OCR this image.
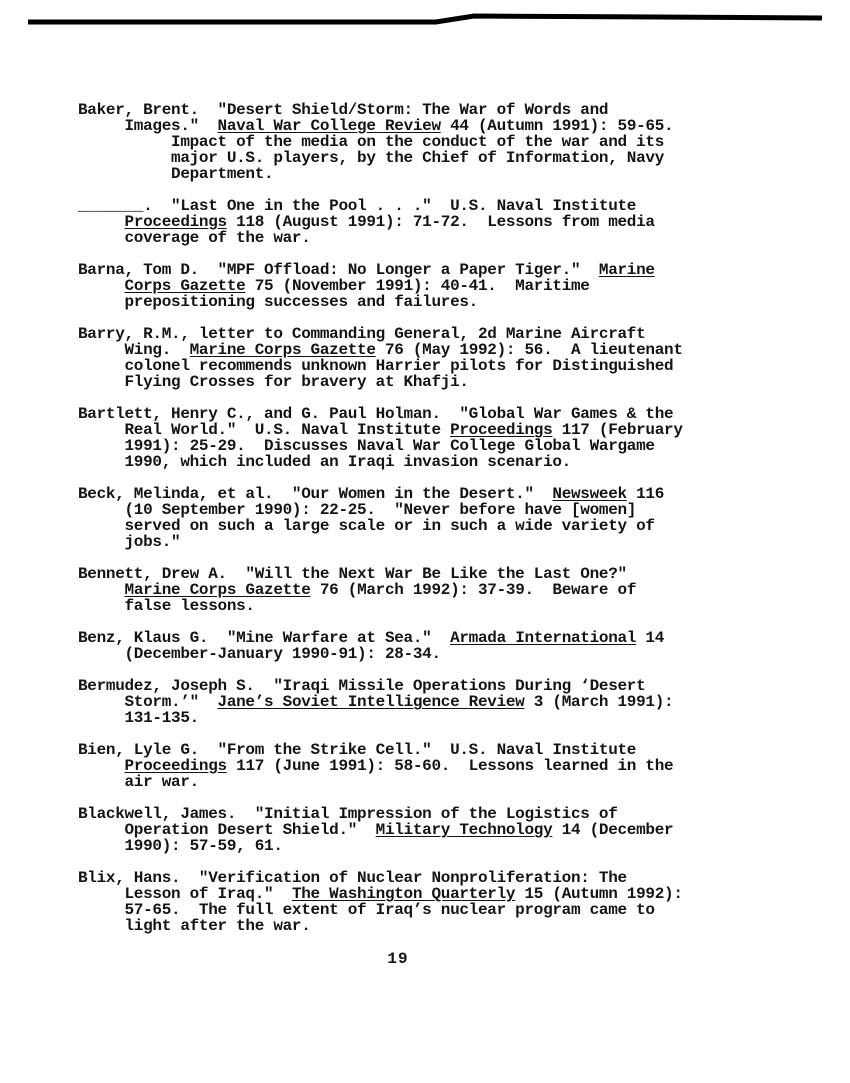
Baker, Brent.  "Desert Shield/Storm: The War of Words and
Images."  Naval War College Review 44 (Autumn 1991): 59-65.
Impact of the media on the conduct of the war and its
major U.S. players, by the Chief of Information, Navy
Department.
_______.  "Last One in the Pool . . ."  U.S. Naval Institute
Proceedings 118 (August 1991): 71-72.  Lessons from media
coverage of the war.
Barna, Tom D.  "MPF Offload: No Longer a Paper Tiger."  Marine
Corps Gazette 75 (November 1991): 40-41.  Maritime
prepositioning successes and failures.
Barry, R.M., letter to Commanding General, 2d Marine Aircraft
Wing.  Marine Corps Gazette 76 (May 1992): 56.  A lieutenant
colonel recommends unknown Harrier pilots for Distinguished
Flying Crosses for bravery at Khafji.
Bartlett, Henry C., and G. Paul Holman.  "Global War Games & the
Real World."  U.S. Naval Institute Proceedings 117 (February
1991): 25-29.  Discusses Naval War College Global Wargame
1990, which included an Iraqi invasion scenario.
Beck, Melinda, et al.  "Our Women in the Desert."  Newsweek 116
(10 September 1990): 22-25.  "Never before have [women]
served on such a large scale or in such a wide variety of
jobs."
Bennett, Drew A.  "Will the Next War Be Like the Last One?"
Marine Corps Gazette 76 (March 1992): 37-39.  Beware of
false lessons.
Benz, Klaus G.  "Mine Warfare at Sea."  Armada International 14
(December-January 1990-91): 28-34.
Bermudez, Joseph S.  "Iraqi Missile Operations During ‘Desert
Storm.’"  Jane’s Soviet Intelligence Review 3 (March 1991):
131-135.
Bien, Lyle G.  "From the Strike Cell."  U.S. Naval Institute
Proceedings 117 (June 1991): 58-60.  Lessons learned in the
air war.
Blackwell, James.  "Initial Impression of the Logistics of
Operation Desert Shield."  Military Technology 14 (December
1990): 57-59, 61.
Blix, Hans.  "Verification of Nuclear Nonproliferation: The
Lesson of Iraq."  The Washington Quarterly 15 (Autumn 1992):
57-65.  The full extent of Iraq’s nuclear program came to
light after the war.
19
